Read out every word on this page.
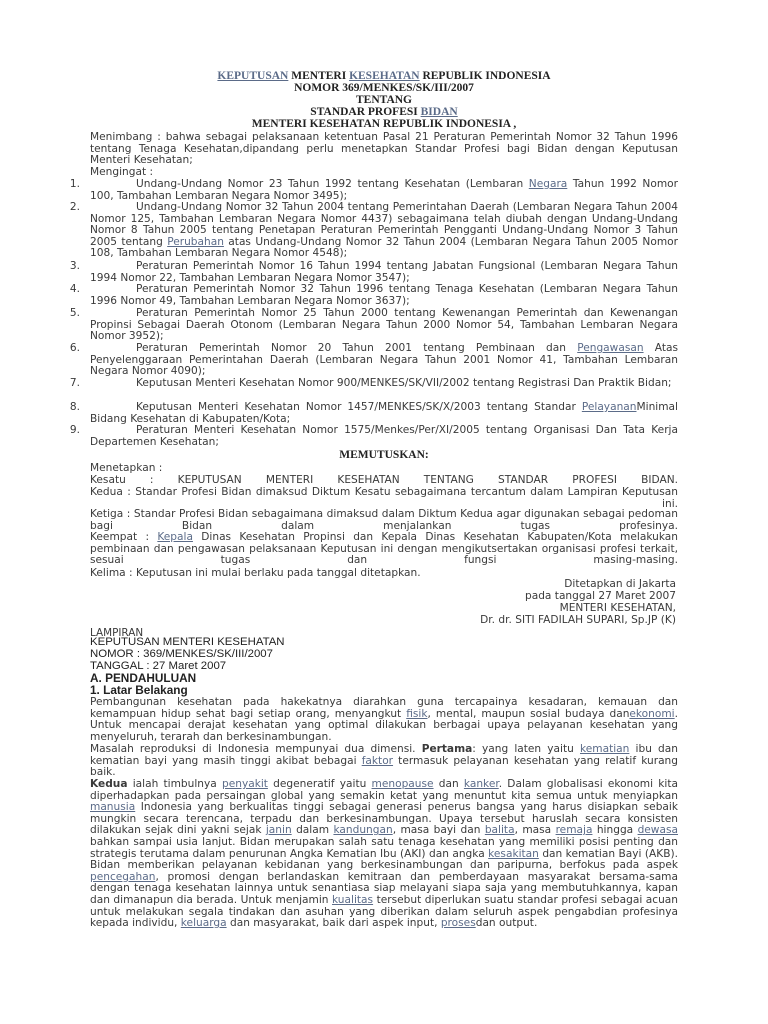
KEPUTUSAN MENTERI KESEHATAN REPUBLIK INDONESIA
NOMOR 369/MENKES/SK/III/2007
TENTANG
STANDAR PROFESI BIDAN
MENTERI KESEHATAN REPUBLIK INDONESIA ,
Menimbang : bahwa sebagai pelaksanaan ketentuan Pasal 21 Peraturan Pemerintah Nomor 32 Tahun 1996 tentang Tenaga Kesehatan,dipandang perlu menetapkan Standar Profesi bagi Bidan dengan Keputusan Menteri Kesehatan;
Mengingat :
1.	Undang-Undang Nomor 23 Tahun 1992 tentang Kesehatan (Lembaran Negara Tahun 1992 Nomor 100, Tambahan Lembaran Negara Nomor 3495);
2.	Undang-Undang Nomor 32 Tahun 2004 tentang Pemerintahan Daerah (Lembaran Negara Tahun 2004 Nomor 125, Tambahan Lembaran Negara Nomor 4437) sebagaimana telah diubah dengan Undang-Undang Nomor 8 Tahun 2005 tentang Penetapan Peraturan Pemerintah Pengganti Undang-Undang Nomor 3 Tahun 2005 tentang Perubahan atas Undang-Undang Nomor 32 Tahun 2004 (Lembaran Negara Tahun 2005 Nomor 108, Tambahan Lembaran Negara Nomor 4548);
3.	Peraturan Pemerintah Nomor 16 Tahun 1994 tentang Jabatan Fungsional (Lembaran Negara Tahun 1994 Nomor 22, Tambahan Lembaran Negara Nomor 3547);
4.	Peraturan Pemerintah Nomor 32 Tahun 1996 tentang Tenaga Kesehatan (Lembaran Negara Tahun 1996 Nomor 49, Tambahan Lembaran Negara Nomor 3637);
5.	Peraturan Pemerintah Nomor 25 Tahun 2000 tentang Kewenangan Pemerintah dan Kewenangan Propinsi Sebagai Daerah Otonom (Lembaran Negara Tahun 2000 Nomor 54, Tambahan Lembaran Negara Nomor 3952);
6.	Peraturan Pemerintah Nomor 20 Tahun 2001 tentang Pembinaan dan Pengawasan Atas Penyelenggaraan Pemerintahan Daerah (Lembaran Negara Tahun 2001 Nomor 41, Tambahan Lembaran Negara Nomor 4090);
7.	Keputusan Menteri Kesehatan Nomor 900/MENKES/SK/VII/2002 tentang Registrasi Dan Praktik Bidan;
8.	Keputusan Menteri Kesehatan Nomor 1457/MENKES/SK/X/2003 tentang Standar PelayananMinimal Bidang Kesehatan di Kabupaten/Kota;
9.	Peraturan Menteri Kesehatan Nomor 1575/Menkes/Per/XI/2005 tentang Organisasi Dan Tata Kerja Departemen Kesehatan;
MEMUTUSKAN:
Menetapkan :
Kesatu : KEPUTUSAN MENTERI KESEHATAN TENTANG STANDAR PROFESI BIDAN.
Kedua : Standar Profesi Bidan dimaksud Diktum Kesatu sebagaimana tercantum dalam Lampiran Keputusan ini.
Ketiga : Standar Profesi Bidan sebagaimana dimaksud dalam Diktum Kedua agar digunakan sebagai pedoman bagi Bidan dalam menjalankan tugas profesinya.
Keempat : Kepala Dinas Kesehatan Propinsi dan Kepala Dinas Kesehatan Kabupaten/Kota melakukan pembinaan dan pengawasan pelaksanaan Keputusan ini dengan mengikutsertakan organisasi profesi terkait, sesuai tugas dan fungsi masing-masing.
Kelima : Keputusan ini mulai berlaku pada tanggal ditetapkan.
Ditetapkan di Jakarta
pada tanggal 27 Maret 2007
MENTERI KESEHATAN,
Dr. dr. SITI FADILAH SUPARI, Sp.JP (K)
LAMPIRAN
KEPUTUSAN MENTERI KESEHATAN
NOMOR : 369/MENKES/SK/III/2007
TANGGAL : 27 Maret 2007
A. PENDAHULUAN
1. Latar Belakang
Pembangunan kesehatan pada hakekatnya diarahkan guna tercapainya kesadaran, kemauan dan kemampuan hidup sehat bagi setiap orang, menyangkut fisik, mental, maupun sosial budaya danekonomi. Untuk mencapai derajat kesehatan yang optimal dilakukan berbagai upaya pelayanan kesehatan yang menyeluruh, terarah dan berkesinambungan.
Masalah reproduksi di Indonesia mempunyai dua dimensi. Pertama: yang laten yaitu kematian ibu dan kematian bayi yang masih tinggi akibat bebagai faktor termasuk pelayanan kesehatan yang relatif kurang baik.
Kedua ialah timbulnya penyakit degeneratif yaitu menopause dan kanker. Dalam globalisasi ekonomi kita diperhadapkan pada persaingan global yang semakin ketat yang menuntut kita semua untuk menyiapkan manusia Indonesia yang berkualitas tinggi sebagai generasi penerus bangsa yang harus disiapkan sebaik mungkin secara terencana, terpadu dan berkesinambungan. Upaya tersebut haruslah secara konsisten dilakukan sejak dini yakni sejak janin dalam kandungan, masa bayi dan balita, masa remaja hingga dewasa bahkan sampai usia lanjut. Bidan merupakan salah satu tenaga kesehatan yang memiliki posisi penting dan strategis terutama dalam penurunan Angka Kematian Ibu (AKI) dan angka kesakitan dan kematian Bayi (AKB). Bidan memberikan pelayanan kebidanan yang berkesinambungan dan paripurna, berfokus pada aspek pencegahan, promosi dengan berlandaskan kemitraan dan pemberdayaan masyarakat bersama-sama dengan tenaga kesehatan lainnya untuk senantiasa siap melayani siapa saja yang membutuhkannya, kapan dan dimanapun dia berada. Untuk menjamin kualitas tersebut diperlukan suatu standar profesi sebagai acuan untuk melakukan segala tindakan dan asuhan yang diberikan dalam seluruh aspek pengabdian profesinya kepada individu, keluarga dan masyarakat, baik dari aspek input, prosesdan output.
